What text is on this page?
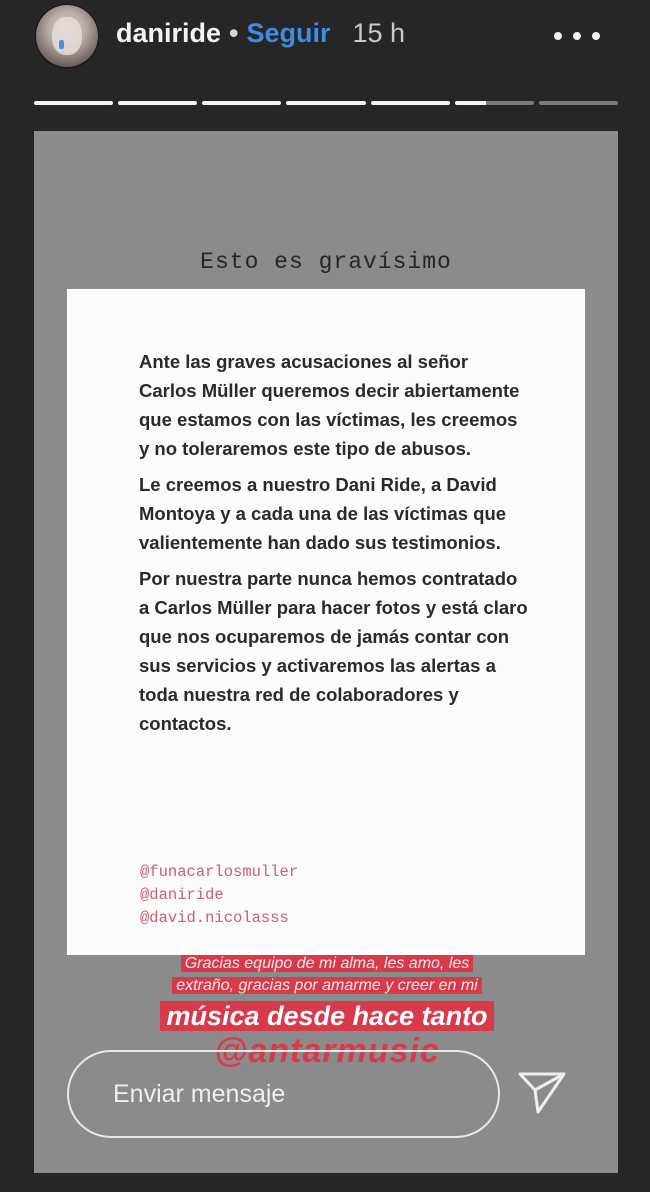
daniride • Seguir 15 h
Esto es gravísimo

Ante las graves acusaciones al señor Carlos Müller queremos decir abiertamente que estamos con las víctimas, les creemos y no toleraremos este tipo de abusos.

Le creemos a nuestro Dani Ride, a David Montoya y a cada una de las víctimas que valientemente han dado sus testimonios.

Por nuestra parte nunca hemos contratado a Carlos Müller para hacer fotos y está claro que nos ocuparemos de jamás contar con sus servicios y activaremos las alertas a toda nuestra red de colaboradores y contactos.

@funacarlosmuller
@daniride
@david.nicolasss
Gracias equipo de mi alma, les amo, les
extraño, gracias por amarme y creer en mi
música desde hace tanto
@antarmusic
Enviar mensaje
